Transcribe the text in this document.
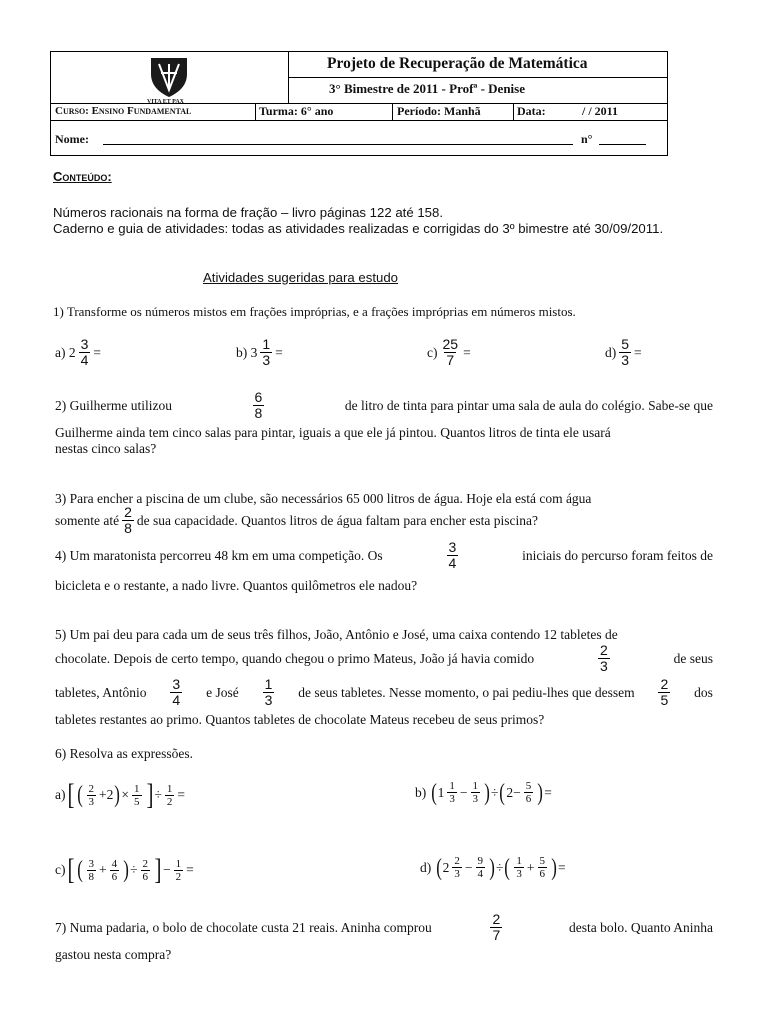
VITA ET PAX
Projeto de Recuperação de Matemática
3° Bimestre de 2011 - Profª - Denise
Curso: Ensino Fundamental	Turma: 6° ano	Período: Manhã	Data:	/ / 2011
Nome:	n°
Conteúdo:
Números racionais na forma de fração – livro páginas 122 até 158.
Caderno e guia de atividades: todas as atividades realizadas e corrigidas do 3º bimestre até 30/09/2011.
Atividades sugeridas para estudo
1) Transforme os números mistos em frações impróprias, e a frações impróprias em números mistos.
a) $2 \frac{3}{4}$ =	b) $3 \frac{1}{3}$ =	$c) \frac{25}{7}$ =	$d) \frac{5}{3}$ =
2) Guilherme utilizou	$\frac{6}{8}$	de litro de tinta para pintar uma sala de aula do colégio. Sabe-se que
Guilherme ainda tem cinco salas para pintar, iguais a que ele já pintou. Quantos litros de tinta ele usará
nestas cinco salas?
3) Para encher a piscina de um clube, são necessários 65 000 litros de água. Hoje ela está com água
somente até $\frac{2}{8}$ de sua capacidade. Quantos litros de água faltam para encher esta piscina?
4) Um maratonista percorreu 48 km em uma competição. Os	$\frac{3}{4}$	iniciais do percurso foram feitos de
bicicleta e o restante, a nado livre. Quantos quilômetros ele nadou?
5) Um pai deu para cada um de seus três filhos, João, Antônio e José, uma caixa contendo 12 tabletes de
chocolate. Depois de certo tempo, quando chegou o primo Mateus, João já havia comido	$\frac{2}{3}$	de seus
tabletes, Antônio $\frac{3}{4}$ e José $\frac{1}{3}$ de seus tabletes. Nesse momento, o pai pediu-lhes que dessem $\frac{2}{5}$ dos
tabletes restantes ao primo. Quantos tabletes de chocolate Mateus recebeu de seus primos?
6) Resolva as expressões.
a) [ ( $\frac{2}{3} +2$ ) × $\frac{1}{5}$ ] ÷ $\frac{1}{2}$ =	b)
( $1 \frac{1}{3} - \frac{1}{3}$ ) ÷ ( $2- \frac{5}{6}$ ) =
c) [ ( $\frac{3}{8} + \frac{4}{6}$ ) ÷ $\frac{2}{6}$ ] − $\frac{1}{2}$ =	d)
( $2 \frac{2}{3} - \frac{9}{4}$ ) ÷ ( $\frac{1}{3} + \frac{5}{6}$ ) =
7) Numa padaria, o bolo de chocolate custa 21 reais. Aninha comprou	$\frac{2}{7}$	desta bolo. Quanto Aninha
gastou nesta compra?
